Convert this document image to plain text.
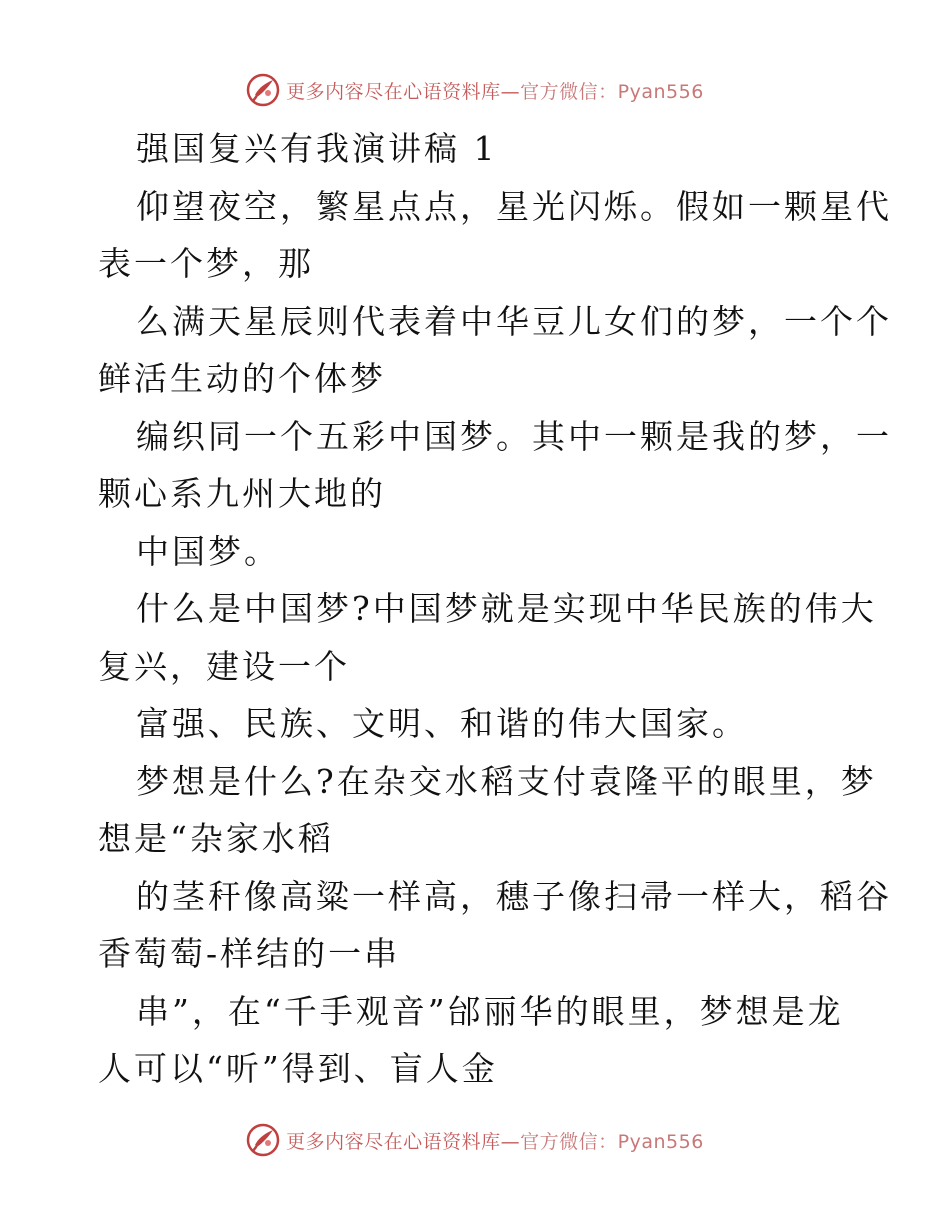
更多内容尽在心语资料库—官方微信：Pyan556
强国复兴有我演讲稿 1
仰望夜空，繁星点点，星光闪烁。假如一颗星代
表一个梦，那
么满天星辰则代表着中华豆儿女们的梦，一个个
鲜活生动的个体梦
编织同一个五彩中国梦。其中一颗是我的梦，一
颗心系九州大地的
中国梦。
什么是中国梦?中国梦就是实现中华民族的伟大
复兴，建设一个
富强、民族、文明、和谐的伟大国家。
梦想是什么?在杂交水稻支付袁隆平的眼里，梦
想是“杂家水稻
的茎秆像高粱一样高，穗子像扫帚一样大，稻谷
香萄萄-样结的一串
串”，在“千手观音”邰丽华的眼里，梦想是龙
人可以“听”得到、盲人金
更多内容尽在心语资料库—官方微信：Pyan556
